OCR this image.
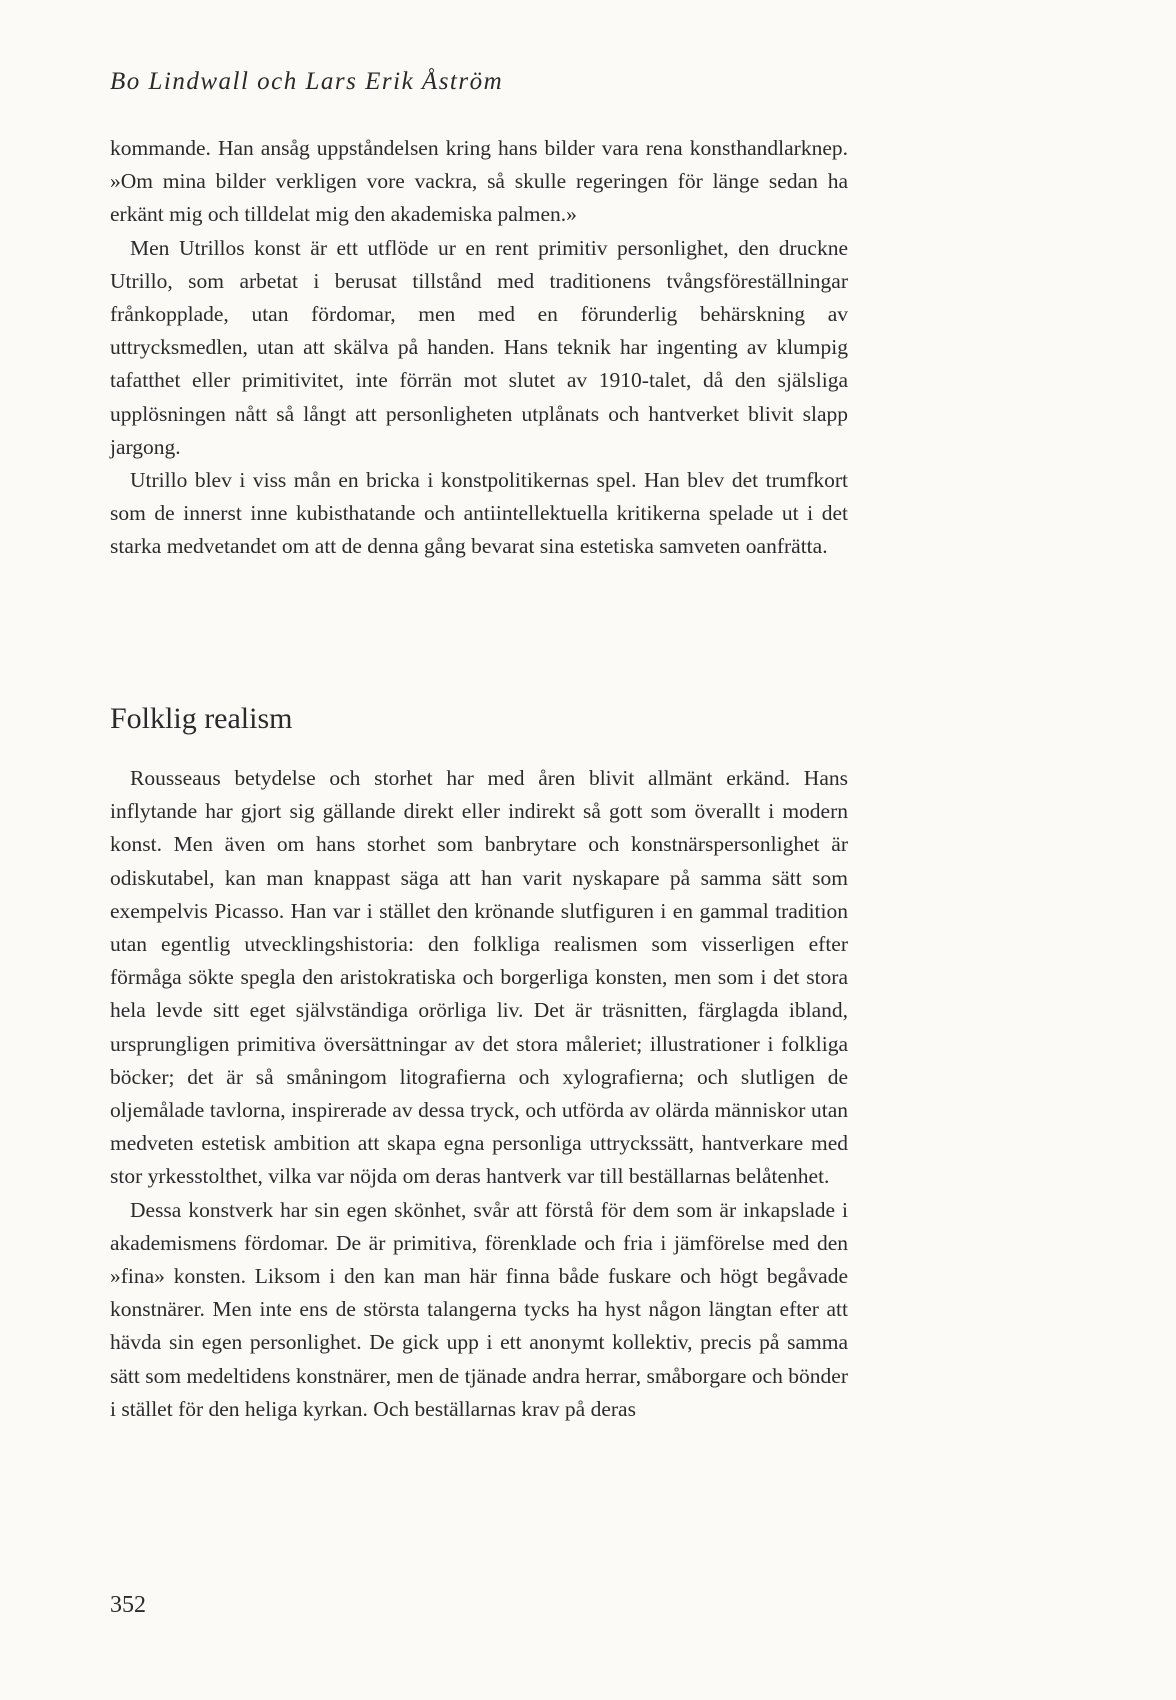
Bo Lindwall och Lars Erik Åström

kommande. Han ansåg uppståndelsen kring hans bilder vara rena konsthandlarknep. »Om mina bilder verkligen vore vackra, så skulle regeringen för länge sedan ha erkänt mig och tilldelat mig den akademiska palmen.»

Men Utrillos konst är ett utflöde ur en rent primitiv personlighet, den druckne Utrillo, som arbetat i berusat tillstånd med traditionens tvångsföreställningar frånkopplade, utan fördomar, men med en förunderlig behärskning av uttrycksmedlen, utan att skälva på handen. Hans teknik har ingenting av klumpig tafatthet eller primitivitet, inte förrän mot slutet av 1910-talet, då den själsliga upplösningen nått så långt att personligheten utplånats och hantverket blivit slapp jargong.

Utrillo blev i viss mån en bricka i konstpolitikernas spel. Han blev det trumfkort som de innerst inne kubisthatande och antiintellektuella kritikerna spelade ut i det starka medvetandet om att de denna gång bevarat sina estetiska samveten oanfrätta.

Folklig realism

Rousseaus betydelse och storhet har med åren blivit allmänt erkänd. Hans inflytande har gjort sig gällande direkt eller indirekt så gott som överallt i modern konst. Men även om hans storhet som banbrytare och konstnärspersonlighet är odiskutabel, kan man knappast säga att han varit nyskapare på samma sätt som exempelvis Picasso. Han var i stället den krönande slutfiguren i en gammal tradition utan egentlig utvecklingshistoria: den folkliga realismen som visserligen efter förmåga sökte spegla den aristokratiska och borgerliga konsten, men som i det stora hela levde sitt eget självständiga orörliga liv. Det är träsnitten, färglagda ibland, ursprungligen primitiva översättningar av det stora måleriet; illustrationer i folkliga böcker; det är så småningom litografierna och xylografierna; och slutligen de oljemålade tavlorna, inspirerade av dessa tryck, och utförda av olärda människor utan medveten estetisk ambition att skapa egna personliga uttryckssätt, hantverkare med stor yrkesstolthet, vilka var nöjda om deras hantverk var till beställarnas belåtenhet.

Dessa konstverk har sin egen skönhet, svår att förstå för dem som är inkapslade i akademismens fördomar. De är primitiva, förenklade och fria i jämförelse med den »fina» konsten. Liksom i den kan man här finna både fuskare och högt begåvade konstnärer. Men inte ens de största talangerna tycks ha hyst någon längtan efter att hävda sin egen personlighet. De gick upp i ett anonymt kollektiv, precis på samma sätt som medeltidens konstnärer, men de tjänade andra herrar, småborgare och bönder i stället för den heliga kyrkan. Och beställarnas krav på deras

352
